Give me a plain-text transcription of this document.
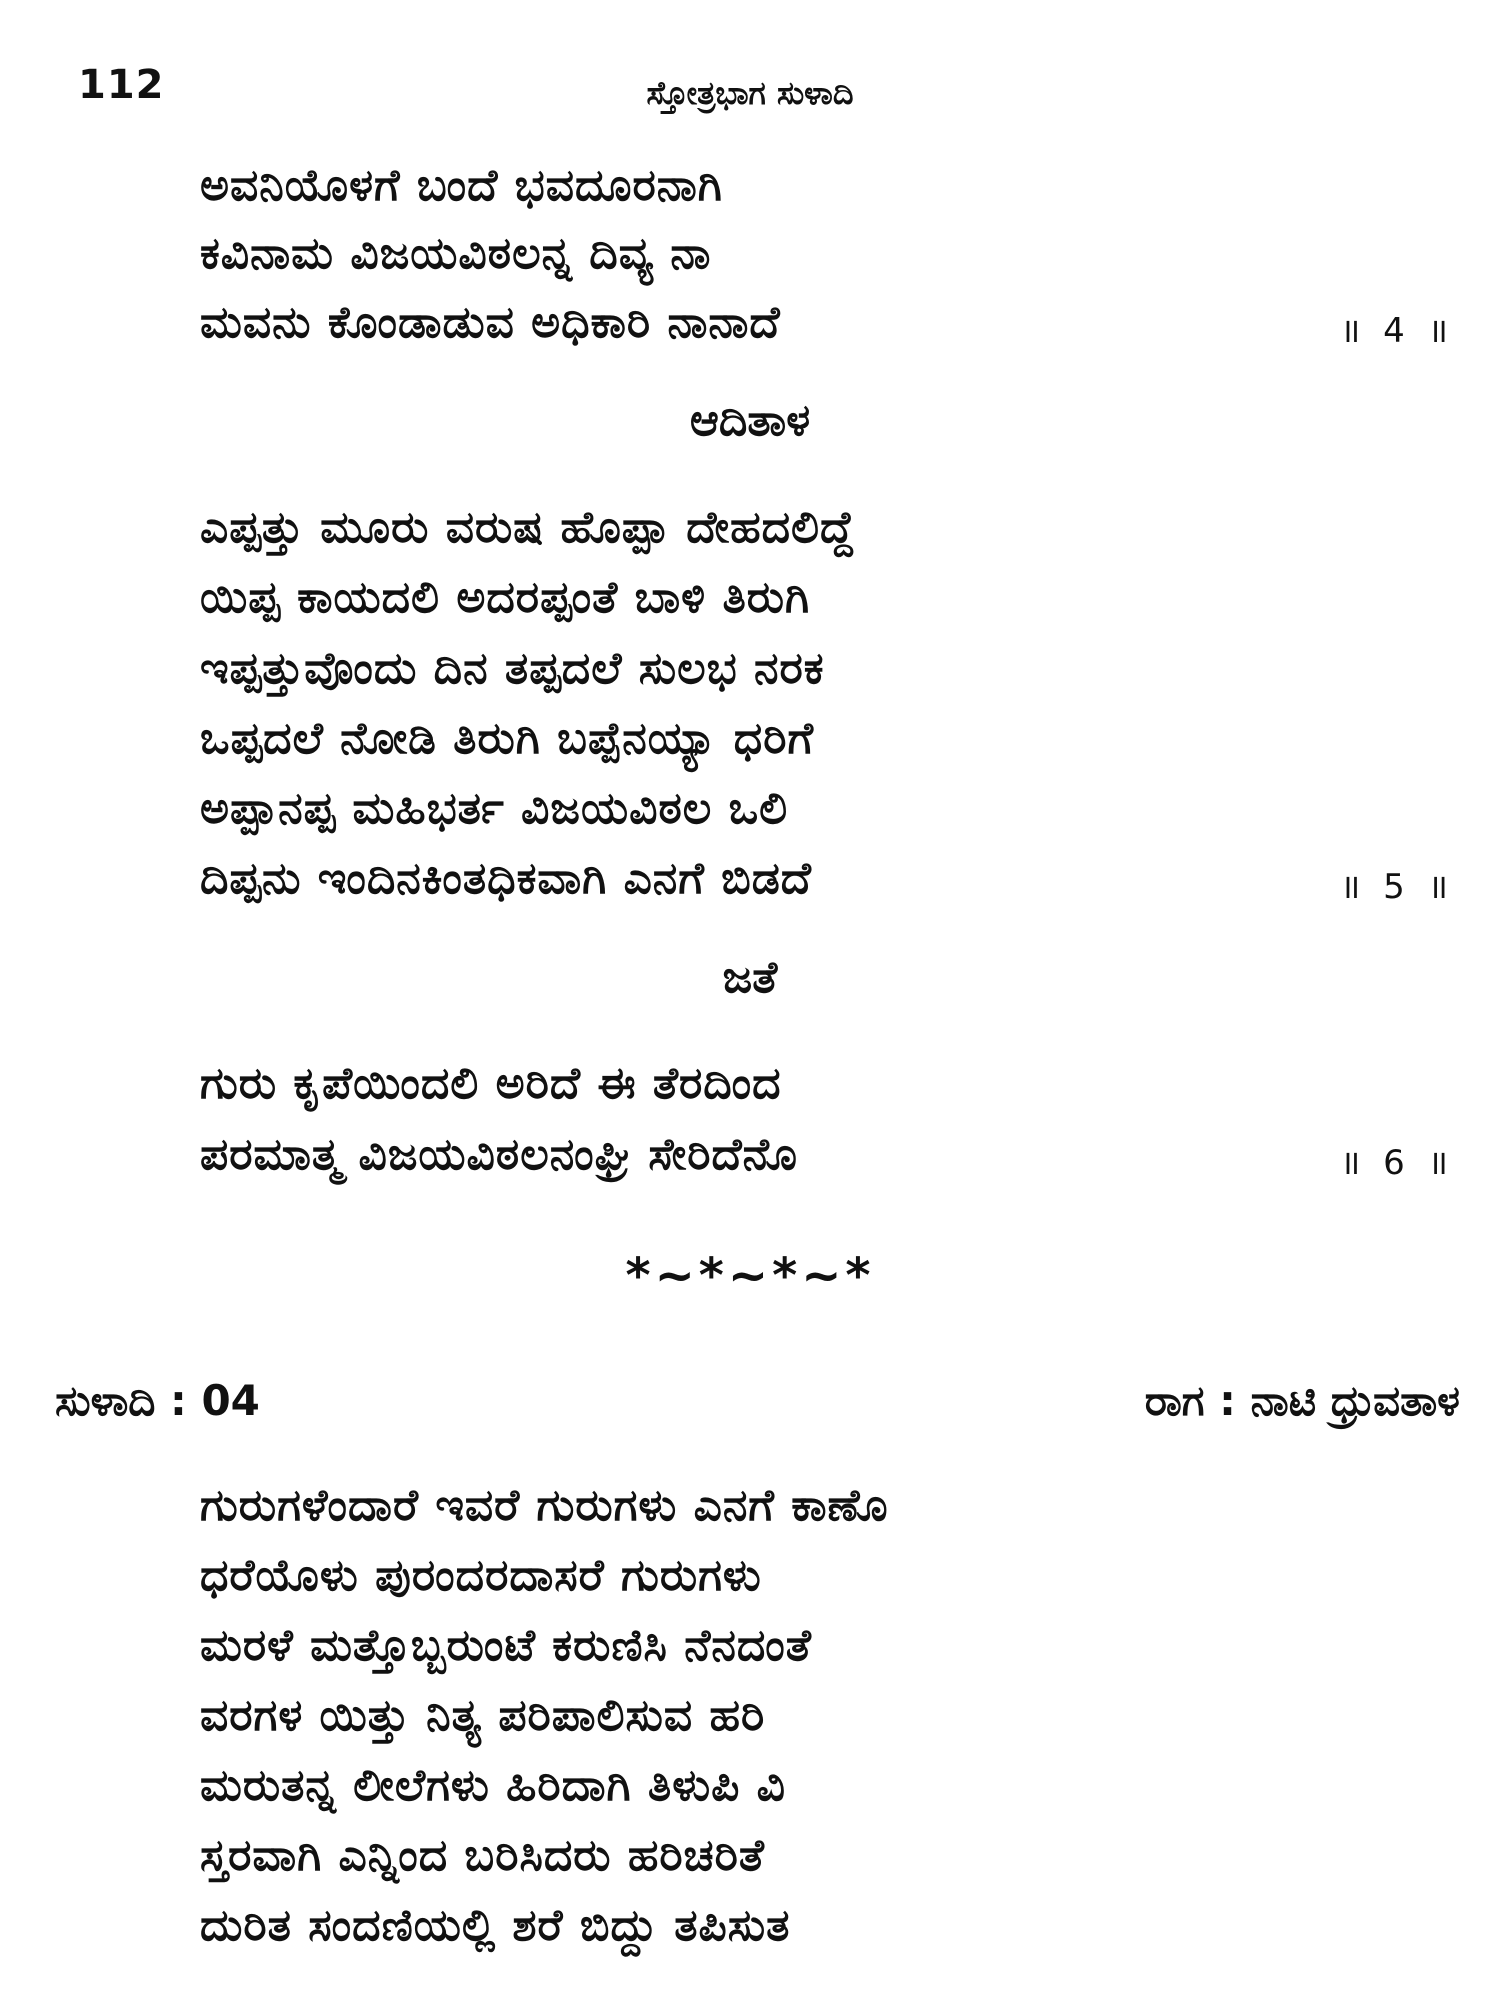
112	ಸ್ತೋತ್ರಭಾಗ ಸುಳಾದಿ
ಅವನಿಯೊಳಗೆ ಬಂದೆ ಭವದೂರನಾಗಿ
ಕವಿನಾಮ ವಿಜಯವಿಠಲನ್ನ ದಿವ್ಯ ನಾ
ಮವನು ಕೊಂಡಾಡುವ ಅಧಿಕಾರಿ ನಾನಾದೆ	॥ 4 ॥
ಆದಿತಾಳ
ಎಪ್ಪತ್ತು ಮೂರು ವರುಷ ಹೊಪ್ಪಾ ದೇಹದಲಿದ್ದೆ
ಯಿಪ್ಪ ಕಾಯದಲಿ ಅದರಪ್ಪಂತೆ ಬಾಳಿ ತಿರುಗಿ
ಇಪ್ಪತ್ತುವೊಂದು ದಿನ ತಪ್ಪದಲೆ ಸುಲಭ ನರಕ
ಒಪ್ಪದಲೆ ನೋಡಿ ತಿರುಗಿ ಬಪ್ಪೆನಯ್ಯಾ ಧರಿಗೆ
ಅಪ್ಪಾನಪ್ಪ ಮಹಿಭರ್ತ ವಿಜಯವಿಠಲ ಒಲಿ
ದಿಪ್ಪನು ಇಂದಿನಕಿಂತಧಿಕವಾಗಿ ಎನಗೆ ಬಿಡದೆ	॥ 5 ॥
ಜತೆ
ಗುರು ಕೃಪೆಯಿಂದಲಿ ಅರಿದೆ ಈ ತೆರದಿಂದ
ಪರಮಾತ್ಮ ವಿಜಯವಿಠಲನಂಘ್ರಿ ಸೇರಿದೆನೊ	॥ 6 ॥
*~*~*~*
ಸುಳಾದಿ : 04	ರಾಗ : ನಾಟಿ ಧ್ರುವತಾಳ
ಗುರುಗಳೆಂದಾರೆ ಇವರೆ ಗುರುಗಳು ಎನಗೆ ಕಾಣೊ
ಧರೆಯೊಳು ಪುರಂದರದಾಸರೆ ಗುರುಗಳು
ಮರಳೆ ಮತ್ತೊಬ್ಬರುಂಟೆ ಕರುಣಿಸಿ ನೆನದಂತೆ
ವರಗಳ ಯಿತ್ತು ನಿತ್ಯ ಪರಿಪಾಲಿಸುವ ಹರಿ
ಮರುತನ್ನ ಲೀಲೆಗಳು ಹಿರಿದಾಗಿ ತಿಳುಪಿ ವಿ
ಸ್ತರವಾಗಿ ಎನ್ನಿಂದ ಬರಿಸಿದರು ಹರಿಚರಿತೆ
ದುರಿತ ಸಂದಣಿಯಲ್ಲಿ ಶರೆ ಬಿದ್ದು ತಪಿಸುತ
